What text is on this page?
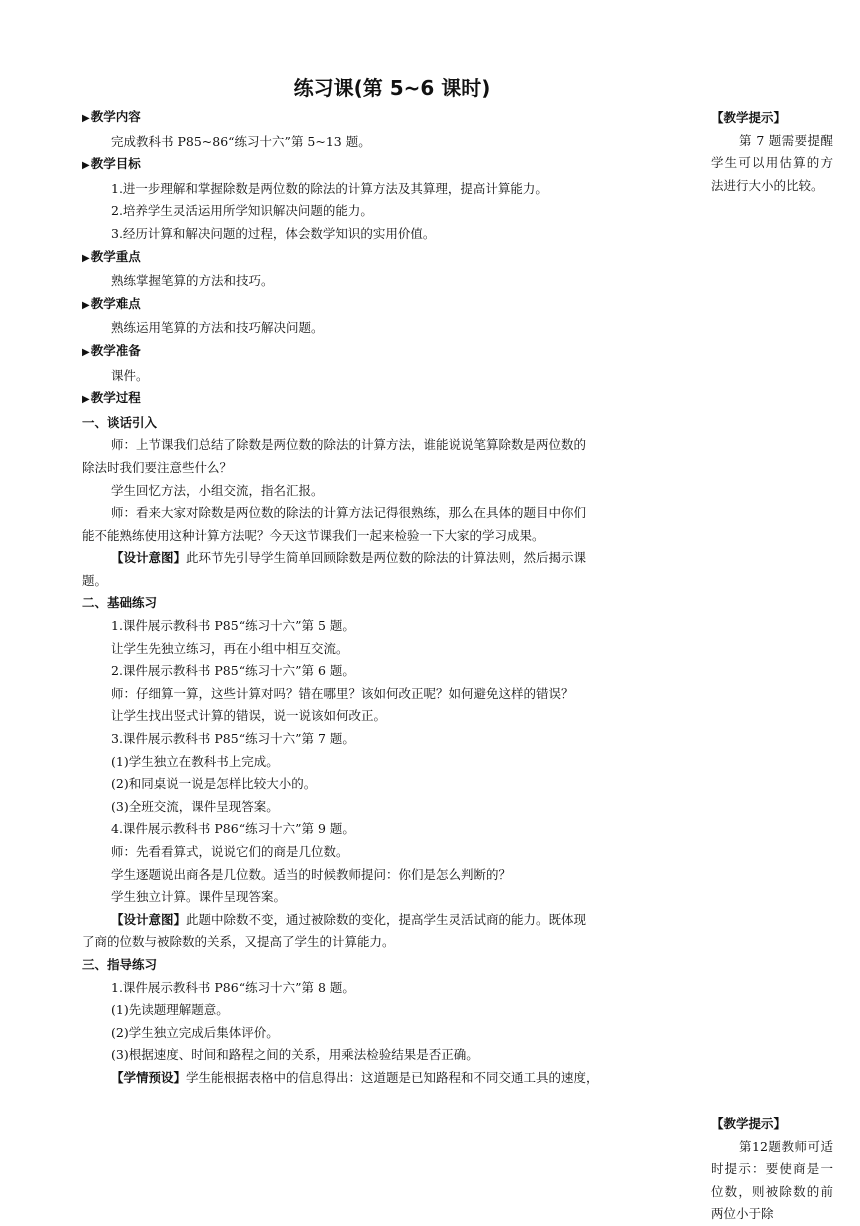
练习课(第 5~6 课时)
▶教学内容
完成教科书 P85~86“练习十六”第 5~13 题。
▶教学目标
1.进一步理解和掌握除数是两位数的除法的计算方法及其算理，提高计算能力。
2.培养学生灵活运用所学知识解决问题的能力。
3.经历计算和解决问题的过程，体会数学知识的实用价值。
▶教学重点
熟练掌握笔算的方法和技巧。
▶教学难点
熟练运用笔算的方法和技巧解决问题。
▶教学准备
课件。
▶教学过程
一、谈话引入
师：上节课我们总结了除数是两位数的除法的计算方法，谁能说说笔算除数是两位数的
除法时我们要注意些什么？
学生回忆方法，小组交流，指名汇报。
师：看来大家对除数是两位数的除法的计算方法记得很熟练，那么在具体的题目中你们
能不能熟练使用这种计算方法呢？今天这节课我们一起来检验一下大家的学习成果。
【设计意图】此环节先引导学生简单回顾除数是两位数的除法的计算法则，然后揭示课
题。
二、基础练习
1.课件展示教科书 P85“练习十六”第 5 题。
让学生先独立练习，再在小组中相互交流。
2.课件展示教科书 P85“练习十六”第 6 题。
师：仔细算一算，这些计算对吗？错在哪里？该如何改正呢？如何避免这样的错误？
让学生找出竖式计算的错误，说一说该如何改正。
3.课件展示教科书 P85“练习十六”第 7 题。
(1)学生独立在教科书上完成。
(2)和同桌说一说是怎样比较大小的。
(3)全班交流，课件呈现答案。
4.课件展示教科书 P86“练习十六”第 9 题。
师：先看看算式，说说它们的商是几位数。
学生逐题说出商各是几位数。适当的时候教师提问：你们是怎么判断的？
学生独立计算。课件呈现答案。
【设计意图】此题中除数不变，通过被除数的变化，提高学生灵活试商的能力。既体现
了商的位数与被除数的关系，又提高了学生的计算能力。
三、指导练习
1.课件展示教科书 P86“练习十六”第 8 题。
(1)先读题理解题意。
(2)学生独立完成后集体评价。
(3)根据速度、时间和路程之间的关系，用乘法检验结果是否正确。
【学情预设】学生能根据表格中的信息得出：这道题是已知路程和不同交通工具的速度，
【教学提示】
第 7 题需要提醒学生可以用估算的方法进行大小的比较。
【教学提示】
第12题教师可适时提示：要使商是一位数，则被除数的前两位小于除
